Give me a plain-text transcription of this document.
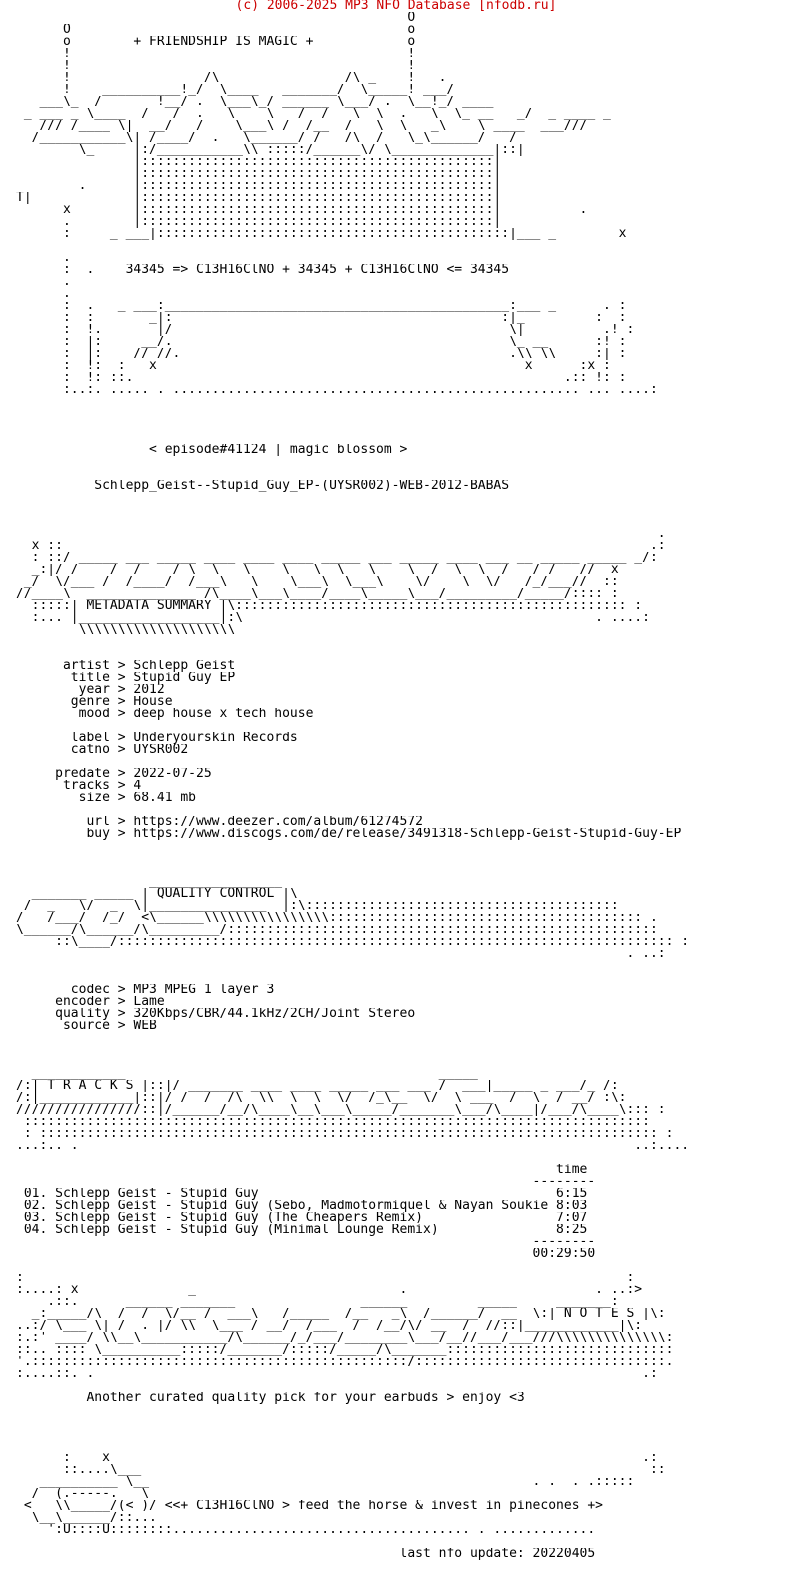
(c) 2006-2025 MP3 NFO Database [nfodb.ru]
O
O                                           o
o        + FRIENDSHIP IS MAGIC +            o
!                                           !
!                                           !
!                 /\                /\ _    !   .
!    __________!_/  \____   _______/  \_____! ___/
___\_  /       !__/ .  \___\_/ ______ \___/ .  \__!_/ ____
_ ___ _ \____  /   /  .   \    \   /  /   \  \  .   \  \_ __   _/  _ ____ _
/// /____ \|  __/   /    \___\ /  /__  /   \  \   _\    \ ____  ___///
/___________\| /____/  .   \______/ /   /\  /   \_\______/   /
\_     |:/___________\\ :::::/______\/ \_____________|::|
|:::::::::::::::::::::::::::::::::::::::::::::|
|:::::::::::::::::::::::::::::::::::::::::::::|
.      |:::::::::::::::::::::::::::::::::::::::::::::|
T|             |:::::::::::::::::::::::::::::::::::::::::::::|
x        |:::::::::::::::::::::::::::::::::::::::::::::|          .
.        |:::::::::::::::::::::::::::::::::::::::::::::|
:     _ ___|:::::::::::::::::::::::::::::::::::::::::::::|___ _        x
.
:  .    34345 => C13H16ClNO + 34345 + C13H16ClNO <= 34345
.
.
:  .   _ ___:____________________________________________:___ _      . :
:  :       _|:                                          :|_         :  :
:  !.       |/                                           \|          .! :
:  |:     __/.                                           \_ __      :! :
:  |:    // //.                                          .\\ \\     :| :
:  !:  :   x                                               x      :x :
:  !: ::.                                                       .:: !: :
:..:. ..... . .................................................... ... ....:
< episode#41124 | magic blossom >
Schlepp_Geist--Stupid_Guy_EP-(UYSR002)-WEB-2012-BABAS
.
x ::                                                                           .:
: ::/ _____ ___ _____ ____ ____ ____ _____ ___ _____ ____ ___ __ _____ _____ _/:
_:|/ /    /  /    / \  \   \    \   \  \   \    \  /  \  \  /   / /   //  x
_/  \/___ /  /____/  /___\   \    \___\  \___\    \/    \  \/   /_/___//  ::
//____\  ______________ /\____\___\____/____\_____\___/_________/_____/:::: :
:::::| METADATA SUMMARY |\:::::::::::::::::::::::::::::::::::::::::::::::::: :
:... |__________________|:\                                             . ....:
\\\\\\\\\\\\\\\\\\\\
artist > Schlepp Geist
title > Stupid Guy EP
year > 2012
genre > House
mood > deep house x tech house
label > Underyourskin Records
catno > UYSR002
predate > 2022-07-25
tracks > 4
size > 68.41 mb
url > https://www.deezer.com/album/61274572
buy > https://www.discogs.com/de/release/3491318-Schlepp-Geist-Stupid-Guy-EP
_________________
_______ _____ | QUALITY CONTROL |\
/  _   \/  _  \|_______________  |:\::::::::::::::::::::::::::::::::::::::::
/   /___/  /_/  <\______\\\\\\\\\\\\\\\\:::::::::::::::::::::::::::::::::::::::: .
\______/\______/\_________/:::::::::::::::::::::::::::::::::::::::::::::::::::::::
::\____/::::::::::::::::::::::::::::::::::::::::::::::::::::::::::::::::::::::: :
. ..:
codec > MP3 MPEG 1 layer 3
encoder > Lame
quality > 320Kbps/CBR/44.1kHz/2CH/Joint Stereo
source > WEB
____________                                        _____
/:| T R A C K S |::|/ _______ ____ ____ _____ ___ ___ /  ___|_____ _ ___/_ /:
/:|____________|::|/ /  /  /\  \\  \  \  \/  /_\__  \/  \ ___  /  \  / __/ :\:
////////////////::|/______/__/\____\__\___\_____/_______\___/\____|/___/\____\::: :
::::::::::::::::::::::::::::::::::::::::::::::::::::::::::::::::::::::::::::::::
: ::::::::::::::::::::::::::::::::::::::::::::::::::::::::::::::::::::::::::::::: :
...:.. .                                                                       ..:....
time
--------
01. Schlepp Geist - Stupid Guy                                      6:15
02. Schlepp Geist - Stupid Guy (Sebo, Madmotormiquel & Nayan Soukie 8:03
03. Schlepp Geist - Stupid Guy (The Cheapers Remix)                 7:07
04. Schlepp Geist - Stupid Guy (Minimal Lounge Remix)               8:25
--------
00:29:50
:                                                                             :
:....: x              _                          .                        . ..:>
.::.      ______ _______                ______         _____     _______:
_:_____/\  /  /  \/__ /  ___\   /_____  /__   _\  /______/  __  \:| N O T E S |\:
..:/ \___ \| /  . |/ \\  \___ / __/  /___  /  /__/\/ __  /  //::|____________|\:
:.:' ____/ \\__\___________/\______/_/___/________\___/__//___/___///\\\\\\\\\\\\\\:
::.. :::: \__________:::::/_______/:::::/_____/\_______:::::::::::::::::::::::::::::
'.::::::::::::::::::::::::::::::::::::::::::::::::/::::::::::::::::::::::::::::::::.
:....::. .                                                                      .:
Another curated quality pick for your earbuds > enjoy <3
:    x                                                                    .:
::....\___                                                                 ::
__________ \__                                                 . .  . .:::::
/  (.-----.   \
<   \\_____/(< )/ <<+ C13H16ClNO > feed the horse & invest in pinecones +>
\__\______/::...
':U::::U::::::::...................................... . .............
last nfo update: 20220405
